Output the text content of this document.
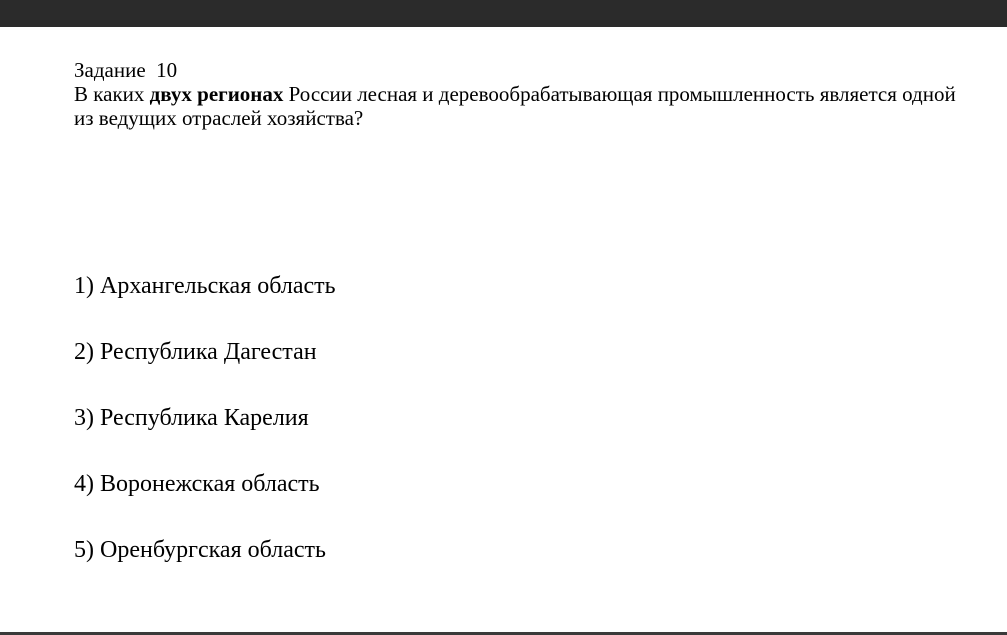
Задание  10
В каких двух регионах России лесная и деревообрабатывающая промышленность является одной из ведущих отраслей хозяйства?
1) Архангельская область
2) Республика Дагестан
3) Республика Карелия
4) Воронежская область
5) Оренбургская область
